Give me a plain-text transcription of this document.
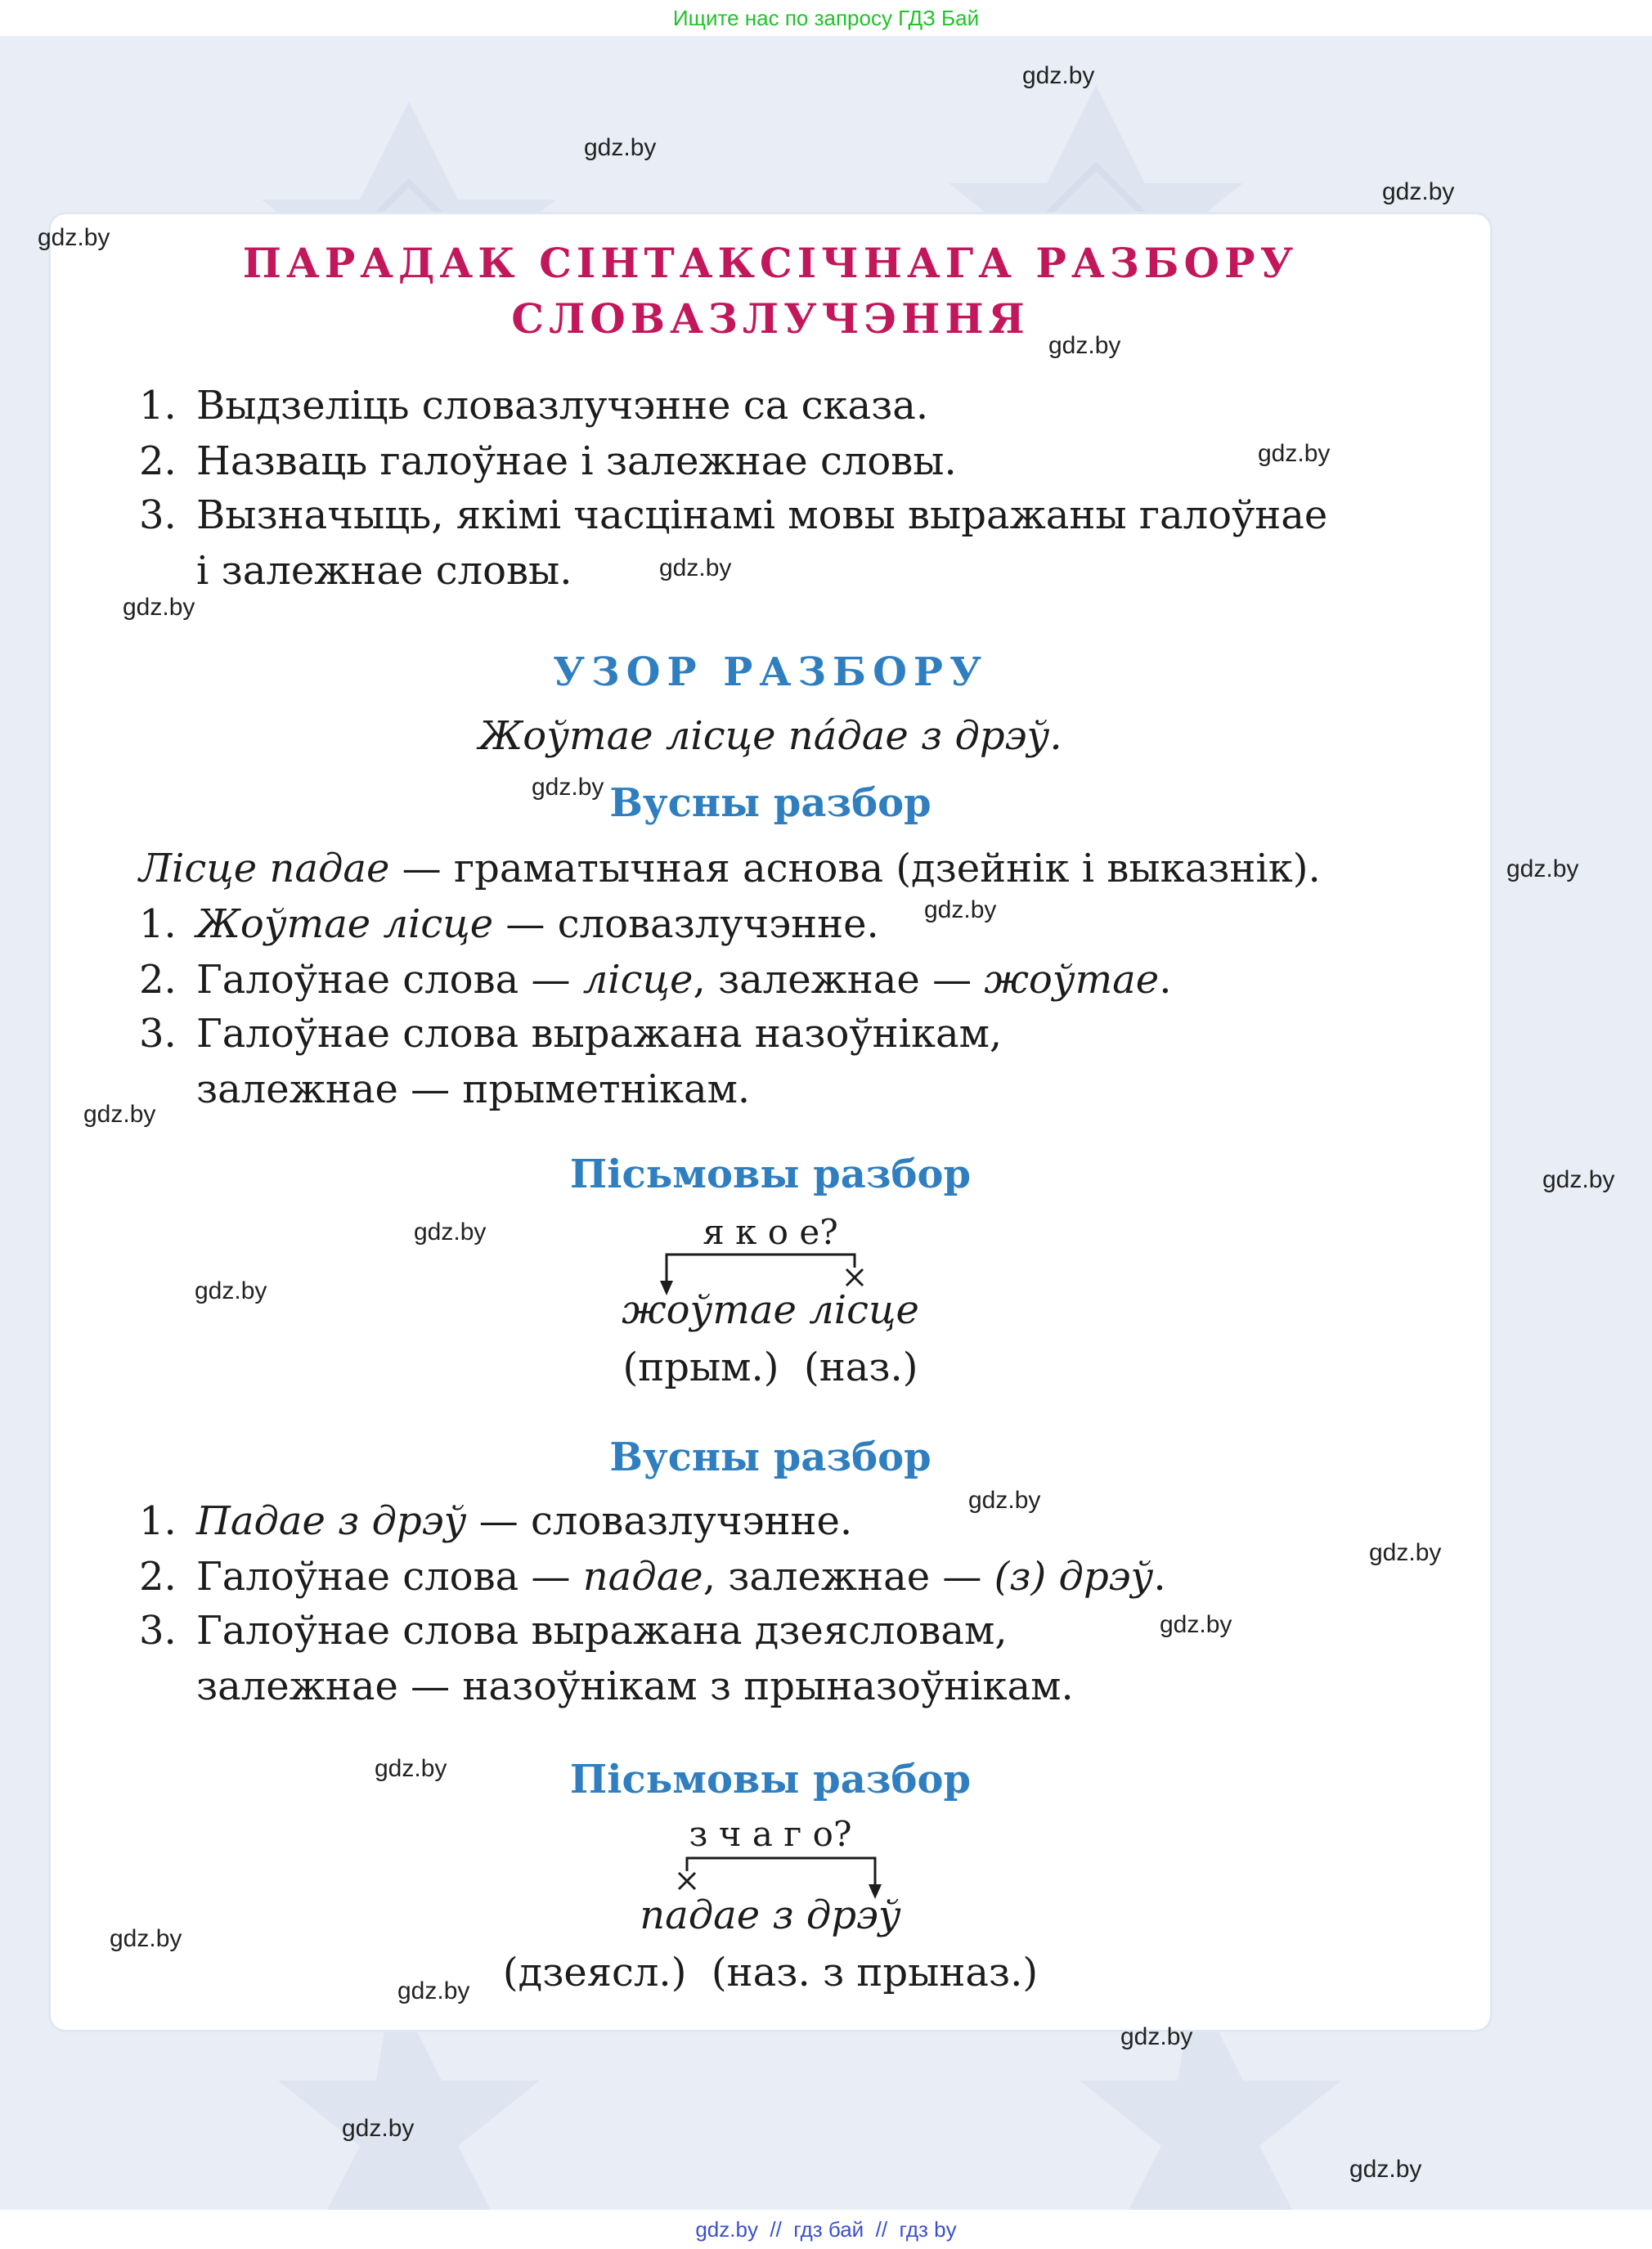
Ищите нас по запросу ГДЗ Бай
ПАРАДАК СІНТАКСІЧНАГА РАЗБОРУ
СЛОВАЗЛУЧЭННЯ
1. Выдзеліць словазлучэнне са сказа.
2. Назваць галоўнае і залежнае словы.
3. Вызначыць, якімі часцінамі мовы выражаны галоўнае
і залежнае словы.
УЗОР РАЗБОРУ
Жоўтае лісце па́дае з дрэў.
Вусны разбор
Лісце падае — граматычная аснова (дзейнік і выказнік).
1. Жоўтае лісце — словазлучэнне.
2. Галоўнае слова — лісце, залежнае — жоўтае.
3. Галоўнае слова выражана назоўнікам,
залежнае — прыметнікам.
Пісьмовы разбор
я к о е?
жоўтае лісце
(прым.)  (наз.)
Вусны разбор
1. Падае з дрэў — словазлучэнне.
2. Галоўнае слова — падае, залежнае — (з) дрэў.
3. Галоўнае слова выражана дзеясловам,
залежнае — назоўнікам з прыназоўнікам.
Пісьмовы разбор
з ч а г о?
падае з дрэў
(дзеясл.)  (наз. з прыназ.)
gdz.by
gdz.by
gdz.by
gdz.by
gdz.by
gdz.by
gdz.by
gdz.by
gdz.by
gdz.by
gdz.by
gdz.by
gdz.by
gdz.by
gdz.by
gdz.by
gdz.by
gdz.by
gdz.by
gdz.by
gdz.by
gdz.by
gdz.by
gdz.by
gdz.by  //  гдз бай  //  гдз by
